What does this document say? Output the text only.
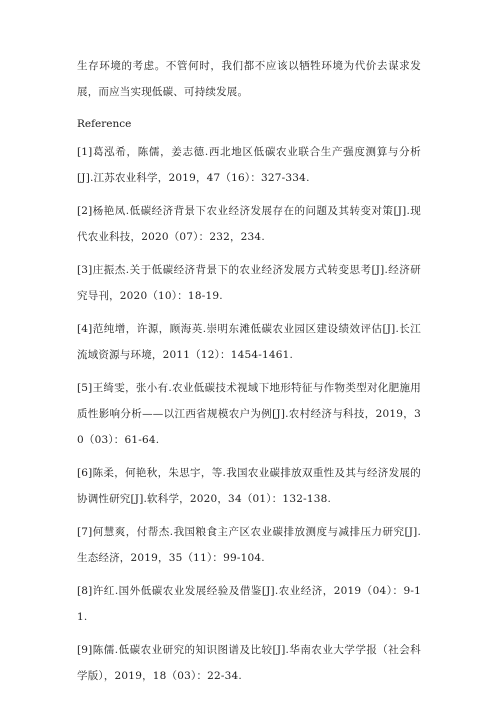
生存环境的考虑。不管何时，我们都不应该以牺牲环境为代价去谋求发展，而应当实现低碳、可持续发展。

Reference
[1]葛泓希，陈儒，姜志德.西北地区低碳农业联合生产强度测算与分析[J].江苏农业科学，2019，47（16）：327-334.
[2]杨艳凤.低碳经济背景下农业经济发展存在的问题及其转变对策[J].现代农业科技，2020（07）：232，234.
[3]庄振杰.关于低碳经济背景下的农业经济发展方式转变思考[J].经济研究导刊，2020（10）：18-19.
[4]范纯增，许源，顾海英.崇明东滩低碳农业园区建设绩效评估[J].长江流域资源与环境，2011（12）：1454-1461.
[5]王绮雯，张小有.农业低碳技术视域下地形特征与作物类型对化肥施用质性影响分析——以江西省规模农户为例[J].农村经济与科技，2019，30（03）：61-64.
[6]陈柔，何艳秋，朱思宇，等.我国农业碳排放双重性及其与经济发展的协调性研究[J].软科学，2020，34（01）：132-138.
[7]何慧爽，付帮杰.我国粮食主产区农业碳排放测度与减排压力研究[J].生态经济，2019，35（11）：99-104.
[8]许红.国外低碳农业发展经验及借鉴[J].农业经济，2019（04）：9-11.
[9]陈儒.低碳农业研究的知识图谱及比较[J].华南农业大学学报（社会科学版），2019，18（03）：22-34.
